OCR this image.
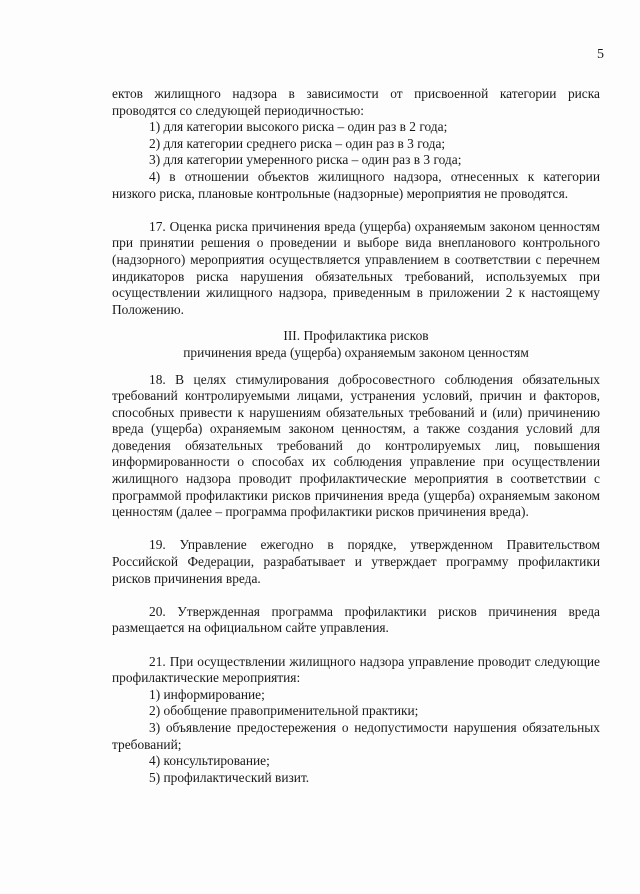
5

ектов жилищного надзора в зависимости от присвоенной категории риска проводятся со следующей периодичностью:

1) для категории высокого риска – один раз в 2 года;

2) для категории среднего риска – один раз в 3 года;

3) для категории умеренного риска – один раз в 3 года;

4) в отношении объектов жилищного надзора, отнесенных к категории низкого риска, плановые контрольные (надзорные) мероприятия не проводятся.

17. Оценка риска причинения вреда (ущерба) охраняемым законом ценностям при принятии решения о проведении и выборе вида внепланового контрольного (надзорного) мероприятия осуществляется управлением в соответствии с перечнем индикаторов риска нарушения обязательных требований, используемых при осуществлении жилищного надзора, приведенным в приложении 2 к настоящему Положению.

III. Профилактика рисков

причинения вреда (ущерба) охраняемым законом ценностям

18. В целях стимулирования добросовестного соблюдения обязательных требований контролируемыми лицами, устранения условий, причин и факторов, способных привести к нарушениям обязательных требований и (или) причинению вреда (ущерба) охраняемым законом ценностям, а также создания условий для доведения обязательных требований до контролируемых лиц, повышения информированности о способах их соблюдения управление при осуществлении жилищного надзора проводит профилактические мероприятия в соответствии с программой профилактики рисков причинения вреда (ущерба) охраняемым законом ценностям (далее – программа профилактики рисков причинения вреда).

19. Управление ежегодно в порядке, утвержденном Правительством Российской Федерации, разрабатывает и утверждает программу профилактики рисков причинения вреда.

20. Утвержденная программа профилактики рисков причинения вреда размещается на официальном сайте управления.

21. При осуществлении жилищного надзора управление проводит следующие профилактические мероприятия:

1) информирование;

2) обобщение правоприменительной практики;

3) объявление предостережения о недопустимости нарушения обязательных требований;

4) консультирование;

5) профилактический визит.
